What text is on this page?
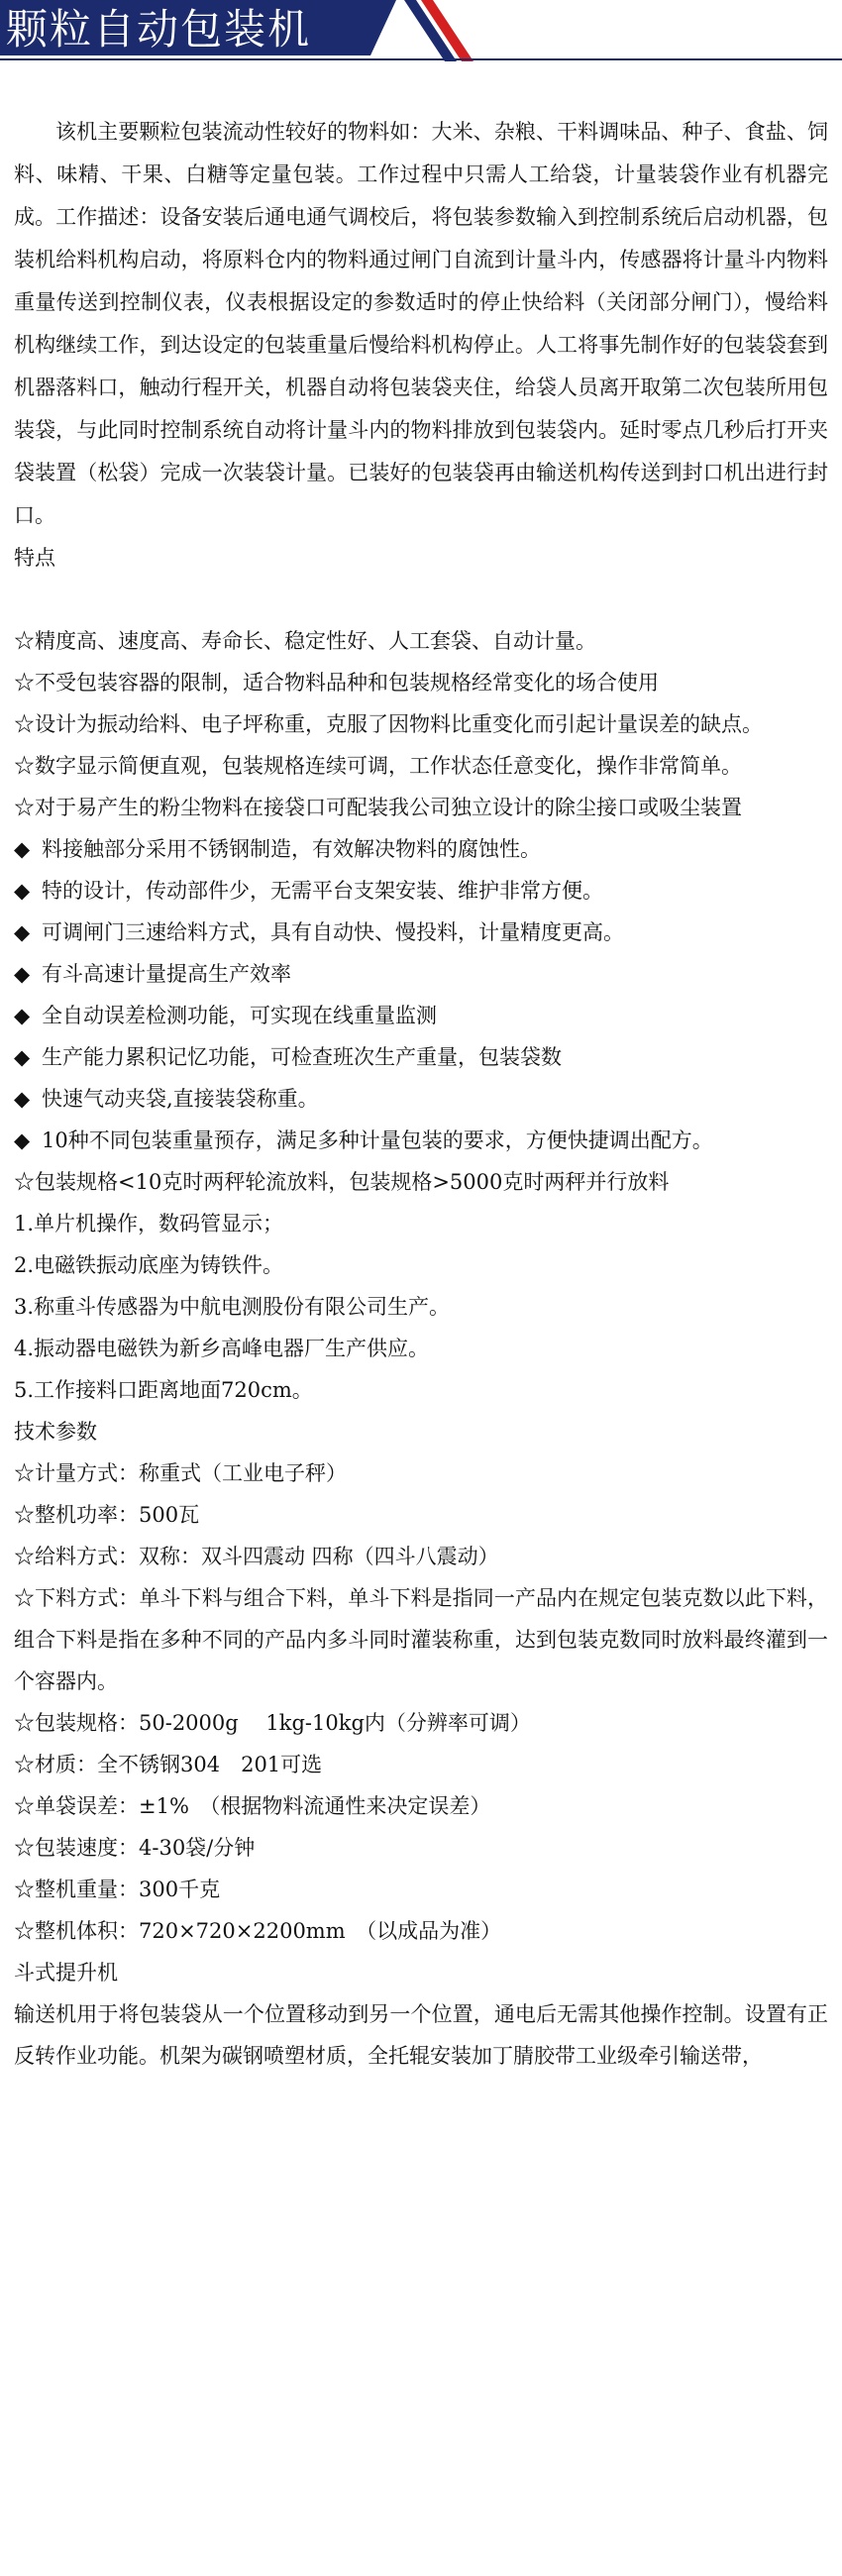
颗粒自动包装机

该机主要颗粒包装流动性较好的物料如：大米、杂粮、干料调味品、种子、食盐、饲料、味精、干果、白糖等定量包装。工作过程中只需人工给袋，计量装袋作业有机器完成。工作描述：设备安装后通电通气调校后，将包装参数输入到控制系统后启动机器，包装机给料机构启动，将原料仓内的物料通过闸门自流到计量斗内，传感器将计量斗内物料重量传送到控制仪表，仪表根据设定的参数适时的停止快给料（关闭部分闸门），慢给料机构继续工作，到达设定的包装重量后慢给料机构停止。人工将事先制作好的包装袋套到机器落料口，触动行程开关，机器自动将包装袋夹住，给袋人员离开取第二次包装所用包装袋，与此同时控制系统自动将计量斗内的物料排放到包装袋内。延时零点几秒后打开夹袋装置（松袋）完成一次装袋计量。已装好的包装袋再由输送机构传送到封口机出进行封口。

特点

☆精度高、速度高、寿命长、稳定性好、人工套袋、自动计量。

☆不受包装容器的限制，适合物料品种和包装规格经常变化的场合使用

☆设计为振动给料、电子坪称重，克服了因物料比重变化而引起计量误差的缺点。

☆数字显示简便直观，包装规格连续可调，工作状态任意变化，操作非常简单。

☆对于易产生的粉尘物料在接袋口可配装我公司独立设计的除尘接口或吸尘装置

◆ 料接触部分采用不锈钢制造，有效解决物料的腐蚀性。

◆ 特的设计，传动部件少，无需平台支架安装、维护非常方便。

◆ 可调闸门三速给料方式，具有自动快、慢投料，计量精度更高。

◆ 有斗高速计量提高生产效率

◆ 全自动误差检测功能，可实现在线重量监测

◆ 生产能力累积记忆功能，可检查班次生产重量，包装袋数

◆ 快速气动夹袋,直接装袋称重。

◆ 10种不同包装重量预存，满足多种计量包装的要求，方便快捷调出配方。

☆包装规格<10克时两秤轮流放料，包装规格>5000克时两秤并行放料

1.单片机操作，数码管显示；

2.电磁铁振动底座为铸铁件。

3.称重斗传感器为中航电测股份有限公司生产。

4.振动器电磁铁为新乡高峰电器厂生产供应。

5.工作接料口距离地面720cm。

技术参数

☆计量方式：称重式（工业电子秤）

☆整机功率：500瓦

☆给料方式：双称：双斗四震动 四称（四斗八震动）

☆下料方式：单斗下料与组合下料，单斗下料是指同一产品内在规定包装克数以此下料，组合下料是指在多种不同的产品内多斗同时灌装称重，达到包装克数同时放料最终灌到一个容器内。

☆包装规格：50-2000g　 1kg-10kg内（分辨率可调）

☆材质：全不锈钢304　201可选

☆单袋误差：±1%　（根据物料流通性来决定误差）

☆包装速度：4-30袋/分钟

☆整机重量：300千克

☆整机体积：720×720×2200mm　（以成品为准）

斗式提升机

输送机用于将包装袋从一个位置移动到另一个位置，通电后无需其他操作控制。设置有正反转作业功能。机架为碳钢喷塑材质，全托辊安装加丁腈胶带工业级牵引输送带，
